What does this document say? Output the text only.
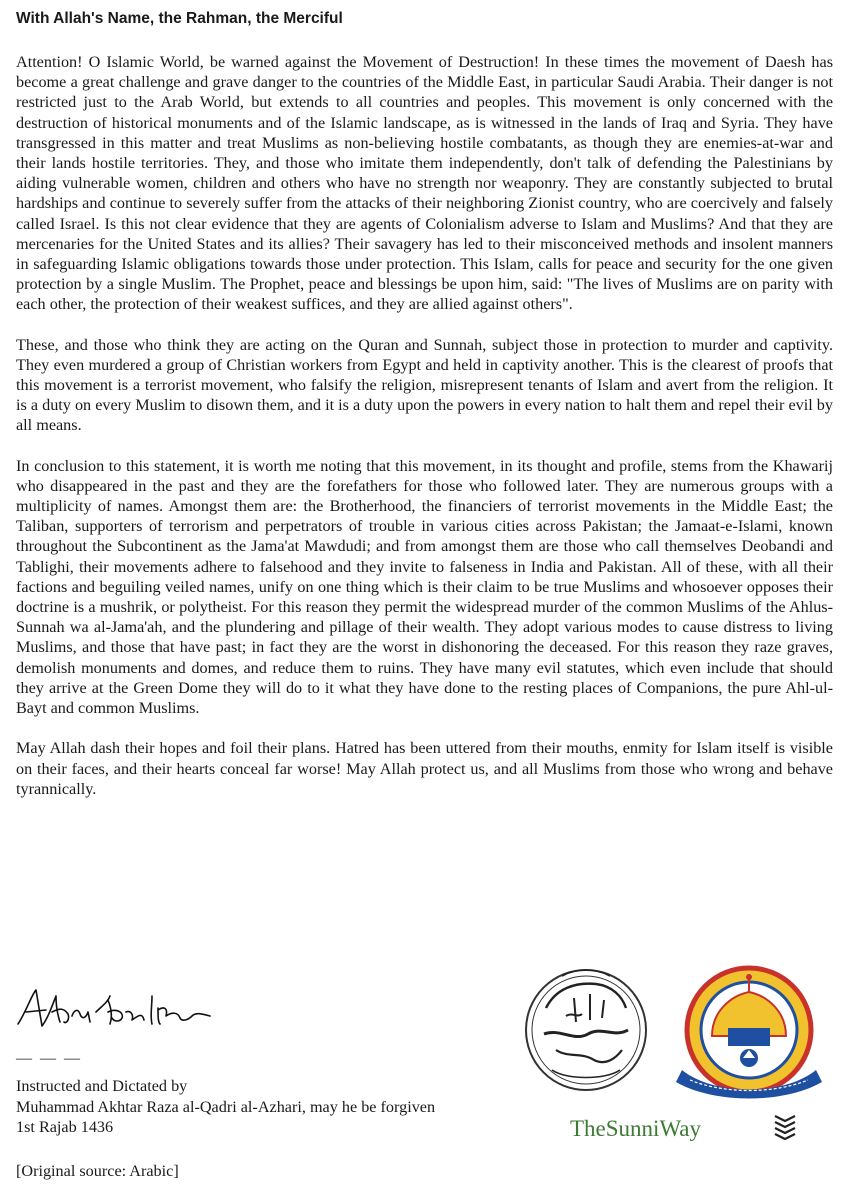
With Allah's Name, the Rahman, the Merciful

Attention! O Islamic World, be warned against the Movement of Destruction! In these times the movement of Daesh has become a great challenge and grave danger to the countries of the Middle East, in particular Saudi Arabia. Their danger is not restricted just to the Arab World, but extends to all countries and peoples. This movement is only concerned with the destruction of historical monuments and of the Islamic landscape, as is witnessed in the lands of Iraq and Syria. They have transgressed in this matter and treat Muslims as non-believing hostile combatants, as though they are enemies-at-war and their lands hostile territories. They, and those who imitate them independently, don't talk of defending the Palestinians by aiding vulnerable women, children and others who have no strength nor weaponry. They are constantly subjected to brutal hardships and continue to severely suffer from the attacks of their neighboring Zionist country, who are coercively and falsely called Israel. Is this not clear evidence that they are agents of Colonialism adverse to Islam and Muslims? And that they are mercenaries for the United States and its allies? Their savagery has led to their misconceived methods and insolent manners in safeguarding Islamic obligations towards those under protection. This Islam, calls for peace and security for the one given protection by a single Muslim. The Prophet, peace and blessings be upon him, said: "The lives of Muslims are on parity with each other, the protection of their weakest suffices, and they are allied against others".

These, and those who think they are acting on the Quran and Sunnah, subject those in protection to murder and captivity. They even murdered a group of Christian workers from Egypt and held in captivity another. This is the clearest of proofs that this movement is a terrorist movement, who falsify the religion, misrepresent tenants of Islam and avert from the religion. It is a duty on every Muslim to disown them, and it is a duty upon the powers in every nation to halt them and repel their evil by all means.

In conclusion to this statement, it is worth me noting that this movement, in its thought and profile, stems from the Khawarij who disappeared in the past and they are the forefathers for those who followed later. They are numerous groups with a multiplicity of names. Amongst them are: the Brotherhood, the financiers of terrorist movements in the Middle East; the Taliban, supporters of terrorism and perpetrators of trouble in various cities across Pakistan; the Jamaat-e-Islami, known throughout the Subcontinent as the Jama'at Mawdudi; and from amongst them are those who call themselves Deobandi and Tablighi, their movements adhere to falsehood and they invite to falseness in India and Pakistan. All of these, with all their factions and beguiling veiled names, unify on one thing which is their claim to be true Muslims and whosoever opposes their doctrine is a mushrik, or polytheist. For this reason they permit the widespread murder of the common Muslims of the Ahlus-Sunnah wa al-Jama'ah, and the plundering and pillage of their wealth. They adopt various modes to cause distress to living Muslims, and those that have past; in fact they are the worst in dishonoring the deceased. For this reason they raze graves, demolish monuments and domes, and reduce them to ruins. They have many evil statutes, which even include that should they arrive at the Green Dome they will do to it what they have done to the resting places of Companions, the pure Ahl-ul-Bayt and common Muslims.

May Allah dash their hopes and foil their plans. Hatred has been uttered from their mouths, enmity for Islam itself is visible on their faces, and their hearts conceal far worse! May Allah protect us, and all Muslims from those who wrong and behave tyrannically.

— — —
Instructed and Dictated by
Muhammad Akhtar Raza al-Qadri al-Azhari, may he be forgiven
1st Rajab 1436
[Original source: Arabic]
TheSunniWay
